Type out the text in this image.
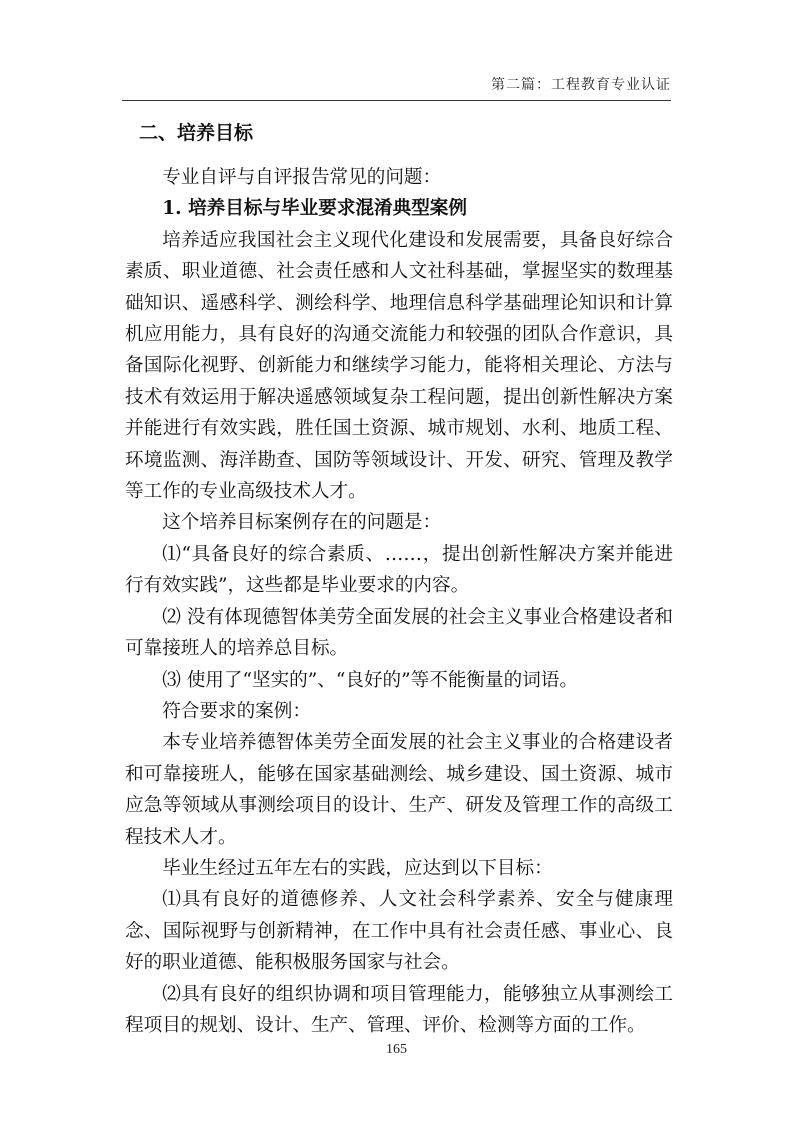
第二篇：工程教育专业认证

二、培养目标

专业自评与自评报告常见的问题：

1. 培养目标与毕业要求混淆典型案例

培养适应我国社会主义现代化建设和发展需要，具备良好综合素质、职业道德、社会责任感和人文社科基础，掌握坚实的数理基础知识、遥感科学、测绘科学、地理信息科学基础理论知识和计算机应用能力，具有良好的沟通交流能力和较强的团队合作意识，具备国际化视野、创新能力和继续学习能力，能将相关理论、方法与技术有效运用于解决遥感领域复杂工程问题，提出创新性解决方案并能进行有效实践，胜任国土资源、城市规划、水利、地质工程、环境监测、海洋勘查、国防等领域设计、开发、研究、管理及教学等工作的专业高级技术人才。

这个培养目标案例存在的问题是：

⑴“具备良好的综合素质、……，提出创新性解决方案并能进行有效实践”，这些都是毕业要求的内容。

⑵ 没有体现德智体美劳全面发展的社会主义事业合格建设者和可靠接班人的培养总目标。

⑶ 使用了“坚实的”、“良好的”等不能衡量的词语。

符合要求的案例：

本专业培养德智体美劳全面发展的社会主义事业的合格建设者和可靠接班人，能够在国家基础测绘、城乡建设、国土资源、城市应急等领域从事测绘项目的设计、生产、研发及管理工作的高级工程技术人才。

毕业生经过五年左右的实践，应达到以下目标：

⑴具有良好的道德修养、人文社会科学素养、安全与健康理念、国际视野与创新精神，在工作中具有社会责任感、事业心、良好的职业道德、能积极服务国家与社会。

⑵具有良好的组织协调和项目管理能力，能够独立从事测绘工程项目的规划、设计、生产、管理、评价、检测等方面的工作。

165
